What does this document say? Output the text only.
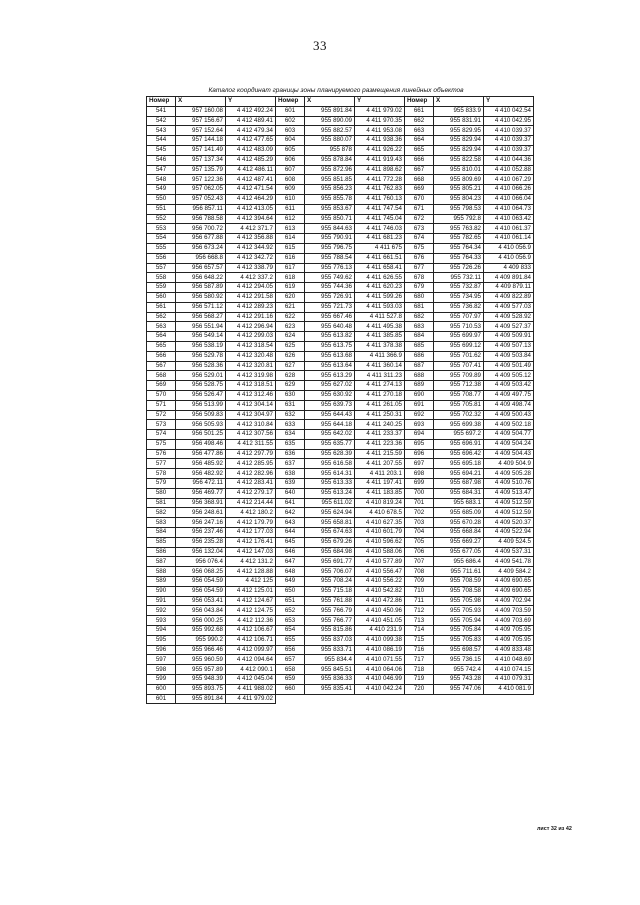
33
Каталог координат границы зоны планируемого размещения линейных объектов
Номер	X	Y	Номер	X	Y	Номер	X	Y
541	957 160.08	4 412 492.24	601	955 891.84	4 411 979.02	661	955 833.9	4 410 042.54
542	957 156.67	4 412 489.41	602	955 890.09	4 411 970.35	662	955 831.91	4 410 042.95
543	957 152.64	4 412 479.34	603	955 882.57	4 411 953.08	663	955 829.95	4 410 039.37
544	957 144.18	4 412 477.65	604	955 880.07	4 411 938.36	664	955 829.94	4 410 039.37
545	957 141.49	4 412 483.09	605	955 878	4 411 926.22	665	955 829.94	4 410 039.37
546	957 137.34	4 412 485.29	606	955 878.84	4 411 919.43	666	955 822.58	4 410 044.36
547	957 135.79	4 412 486.11	607	955 872.96	4 411 898.62	667	955 810.01	4 410 052.88
548	957 122.36	4 412 487.41	608	955 851.85	4 411 772.28	668	955 809.69	4 410 067.29
549	957 062.05	4 412 471.54	609	955 856.23	4 411 762.83	669	955 805.21	4 410 066.26
550	957 052.43	4 412 464.29	610	955 855.78	4 411 760.13	670	955 804.23	4 410 066.04
551	956 857.11	4 412 413.05	611	955 853.67	4 411 747.54	671	955 798.53	4 410 064.73
552	956 788.58	4 412 394.64	612	955 850.71	4 411 745.04	672	955 792.8	4 410 063.42
553	956 700.72	4 412 371.7	613	955 844.63	4 411 746.03	673	955 763.82	4 410 061.37
554	956 677.88	4 412 356.88	614	955 790.91	4 411 681.23	674	955 782.65	4 410 061.14
555	956 673.24	4 412 344.92	615	955 796.75	4 411 675	675	955 764.34	4 410 056.9
556	956 668.8	4 412 342.72	616	955 788.54	4 411 661.51	676	955 764.33	4 410 056.9
557	956 657.57	4 412 338.79	617	955 776.13	4 411 658.41	677	955 726.26	4 409 833
558	956 648.22	4 412 337.2	618	955 749.62	4 411 626.55	678	955 732.11	4 409 891.84
559	956 587.89	4 412 294.05	619	955 744.36	4 411 620.23	679	955 732.87	4 409 879.11
560	956 580.92	4 412 291.58	620	955 726.91	4 411 599.26	680	955 734.95	4 409 822.89
561	956 571.12	4 412 289.23	621	955 721.73	4 411 593.03	681	955 736.82	4 409 577.03
562	956 568.27	4 412 291.16	622	955 667.46	4 411 527.8	682	955 707.97	4 409 528.92
563	956 551.94	4 412 296.94	623	955 640.48	4 411 495.38	683	955 710.53	4 409 527.37
564	956 549.14	4 412 299.03	624	955 613.82	4 411 385.85	684	955 699.97	4 409 509.91
565	956 538.19	4 412 318.54	625	955 613.75	4 411 378.38	685	955 699.12	4 409 507.13
566	956 529.78	4 412 320.48	626	955 613.68	4 411 366.9	686	955 701.62	4 409 503.84
567	956 528.36	4 412 320.81	627	955 613.64	4 411 360.14	687	955 707.41	4 409 501.49
568	956 529.01	4 412 319.98	628	955 613.29	4 411 311.23	688	955 709.89	4 409 505.12
569	956 528.75	4 412 318.51	629	955 627.02	4 411 274.13	689	955 712.38	4 409 503.42
570	956 526.47	4 412 312.46	630	955 630.92	4 411 270.18	690	955 708.77	4 409 497.75
571	956 513.99	4 412 304.14	631	955 639.73	4 411 261.05	691	955 705.81	4 409 498.74
572	956 509.83	4 412 304.97	632	955 644.43	4 411 250.31	692	955 702.32	4 409 500.43
573	956 505.93	4 412 310.84	633	955 644.18	4 411 240.25	693	955 699.38	4 409 502.18
574	956 501.25	4 412 307.56	634	955 642.02	4 411 233.37	694	955 697.2	4 409 504.77
575	956 498.46	4 412 311.55	635	955 635.77	4 411 223.36	695	955 696.91	4 409 504.24
576	956 477.86	4 412 297.79	636	955 628.39	4 411 215.59	696	955 696.42	4 409 504.43
577	956 485.92	4 412 285.95	637	955 616.58	4 411 207.55	697	955 695.18	4 409 504.9
578	956 482.92	4 412 282.96	638	955 614.31	4 411 203.1	698	955 694.21	4 409 505.28
579	956 472.11	4 412 283.41	639	955 613.33	4 411 197.41	699	955 687.98	4 409 510.76
580	956 469.77	4 412 279.17	640	955 613.24	4 411 183.85	700	955 684.31	4 409 513.47
581	956 368.91	4 412 214.44	641	955 611.02	4 410 819.24	701	955 683.1	4 409 512.59
582	956 248.61	4 412 180.2	642	955 624.94	4 410 678.5	702	955 685.09	4 409 512.59
583	956 247.16	4 412 179.79	643	955 658.81	4 410 627.35	703	955 670.28	4 409 520.37
584	956 237.46	4 412 177.03	644	955 674.63	4 410 601.79	704	955 668.84	4 409 522.94
585	956 235.28	4 412 176.41	645	955 679.26	4 410 596.62	705	955 669.27	4 409 524.5
586	956 132.04	4 412 147.03	646	955 684.98	4 410 588.06	706	955 677.05	4 409 537.31
587	956 076.4	4 412 131.2	647	955 691.77	4 410 577.89	707	955 686.4	4 409 541.78
588	956 068.25	4 412 128.88	648	955 706.07	4 410 556.47	708	955 711.61	4 409 584.2
589	956 054.59	4 412 125	649	955 708.24	4 410 556.22	709	955 708.59	4 409 690.65
590	956 054.59	4 412 125.01	650	955 715.18	4 410 542.82	710	955 708.58	4 409 690.65
591	956 053.41	4 412 124.67	651	955 761.88	4 410 472.86	711	955 705.98	4 409 702.94
592	956 043.84	4 412 124.75	652	955 766.79	4 410 450.96	712	955 705.93	4 409 703.59
593	956 000.25	4 412 112.36	653	955 766.77	4 410 451.05	713	955 705.94	4 409 703.69
594	955 992.68	4 412 106.67	654	955 815.86	4 410 231.9	714	955 705.84	4 409 705.95
595	955 990.2	4 412 106.71	655	955 837.03	4 410 099.38	715	955 705.83	4 409 705.95
596	955 966.46	4 412 099.97	656	955 833.71	4 410 086.19	716	955 698.57	4 409 833.48
597	955 960.59	4 412 094.64	657	955 834.4	4 410 071.55	717	955 736.15	4 410 048.69
598	955 957.89	4 412 090.1	658	955 845.51	4 410 064.06	718	955 742.4	4 410 074.15
599	955 948.39	4 412 045.04	659	955 836.33	4 410 046.99	719	955 743.28	4 410 079.31
600	955 893.75	4 411 988.02	660	955 835.41	4 410 042.24	720	955 747.06	4 410 081.9
601	955 891.84	4 411 979.02						
лист 32 из 42
